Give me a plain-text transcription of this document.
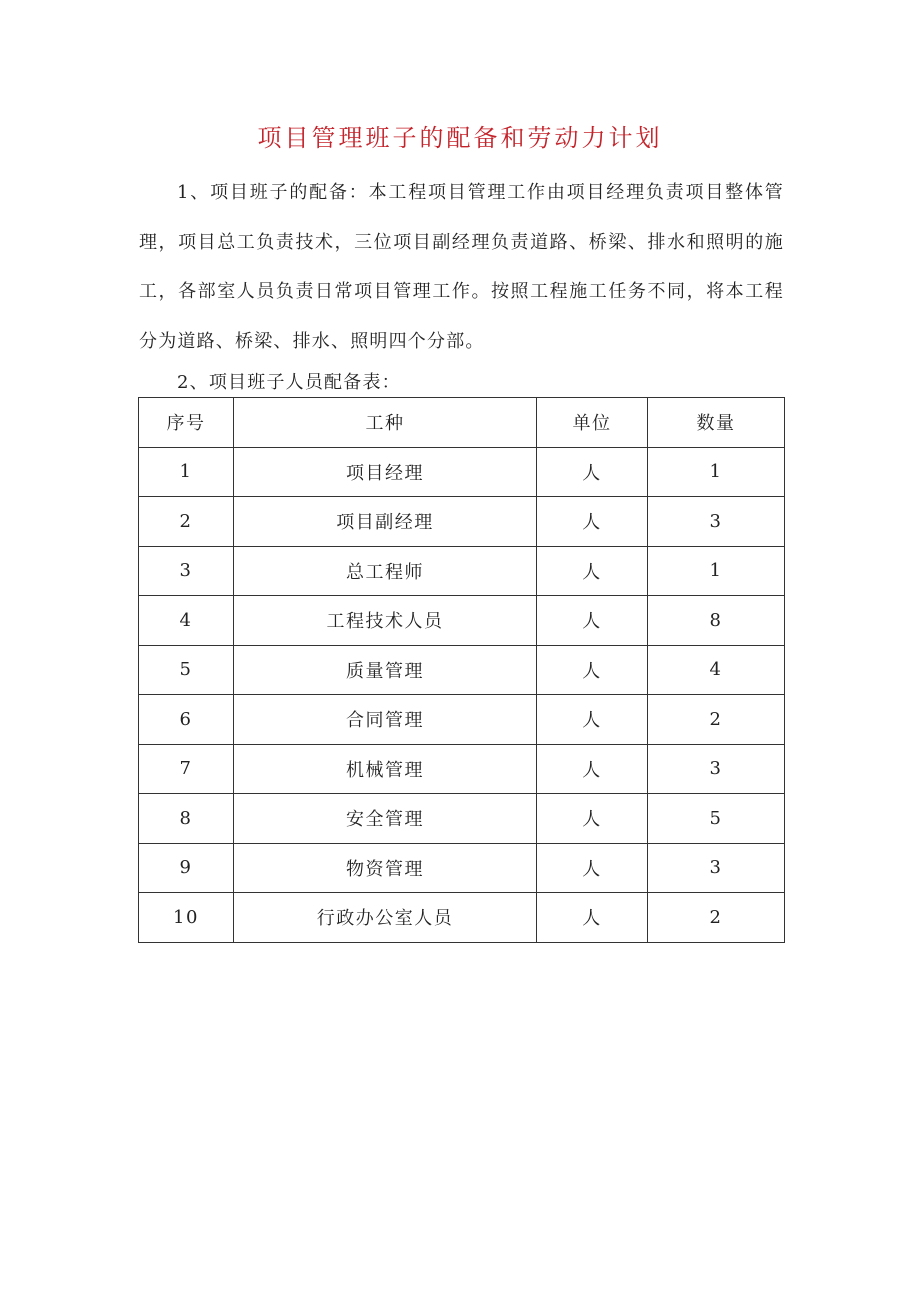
项目管理班子的配备和劳动力计划

1、项目班子的配备：本工程项目管理工作由项目经理负责项目整体管理，项目总工负责技术，三位项目副经理负责道路、桥梁、排水和照明的施工，各部室人员负责日常项目管理工作。按照工程施工任务不同，将本工程分为道路、桥梁、排水、照明四个分部。

2、项目班子人员配备表：

序号	工种	单位	数量
1	项目经理	人	1
2	项目副经理	人	3
3	总工程师	人	1
4	工程技术人员	人	8
5	质量管理	人	4
6	合同管理	人	2
7	机械管理	人	3
8	安全管理	人	5
9	物资管理	人	3
10	行政办公室人员	人	2
